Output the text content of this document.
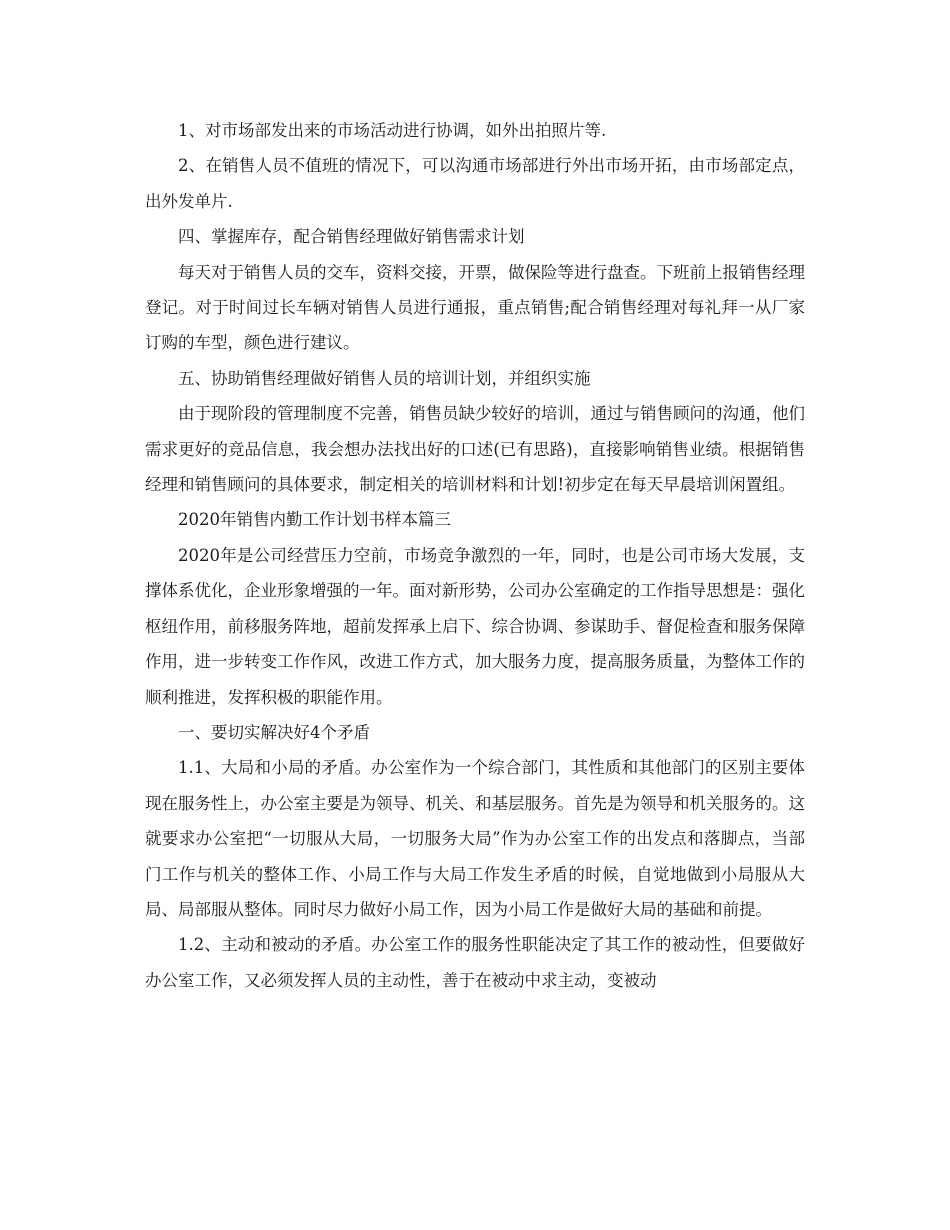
1、对市场部发出来的市场活动进行协调，如外出拍照片等.

2、在销售人员不值班的情况下，可以沟通市场部进行外出市场开拓，由市场部定点，出外发单片.

四、掌握库存，配合销售经理做好销售需求计划

每天对于销售人员的交车，资料交接，开票，做保险等进行盘查。下班前上报销售经理登记。对于时间过长车辆对销售人员进行通报，重点销售;配合销售经理对每礼拜一从厂家订购的车型，颜色进行建议。

五、协助销售经理做好销售人员的培训计划，并组织实施

由于现阶段的管理制度不完善，销售员缺少较好的培训，通过与销售顾问的沟通，他们需求更好的竞品信息，我会想办法找出好的口述(已有思路)，直接影响销售业绩。根据销售经理和销售顾问的具体要求，制定相关的培训材料和计划!初步定在每天早晨培训闲置组。

2020年销售内勤工作计划书样本篇三

2020年是公司经营压力空前，市场竞争激烈的一年，同时，也是公司市场大发展，支撑体系优化，企业形象增强的一年。面对新形势，公司办公室确定的工作指导思想是：强化枢纽作用，前移服务阵地，超前发挥承上启下、综合协调、参谋助手、督促检查和服务保障作用，进一步转变工作作风，改进工作方式，加大服务力度，提高服务质量，为整体工作的顺利推进，发挥积极的职能作用。

一、要切实解决好4个矛盾

1.1、大局和小局的矛盾。办公室作为一个综合部门，其性质和其他部门的区别主要体现在服务性上，办公室主要是为领导、机关、和基层服务。首先是为领导和机关服务的。这就要求办公室把“一切服从大局，一切服务大局”作为办公室工作的出发点和落脚点，当部门工作与机关的整体工作、小局工作与大局工作发生矛盾的时候，自觉地做到小局服从大局、局部服从整体。同时尽力做好小局工作，因为小局工作是做好大局的基础和前提。

1.2、主动和被动的矛盾。办公室工作的服务性职能决定了其工作的被动性，但要做好办公室工作，又必须发挥人员的主动性，善于在被动中求主动，变被动
